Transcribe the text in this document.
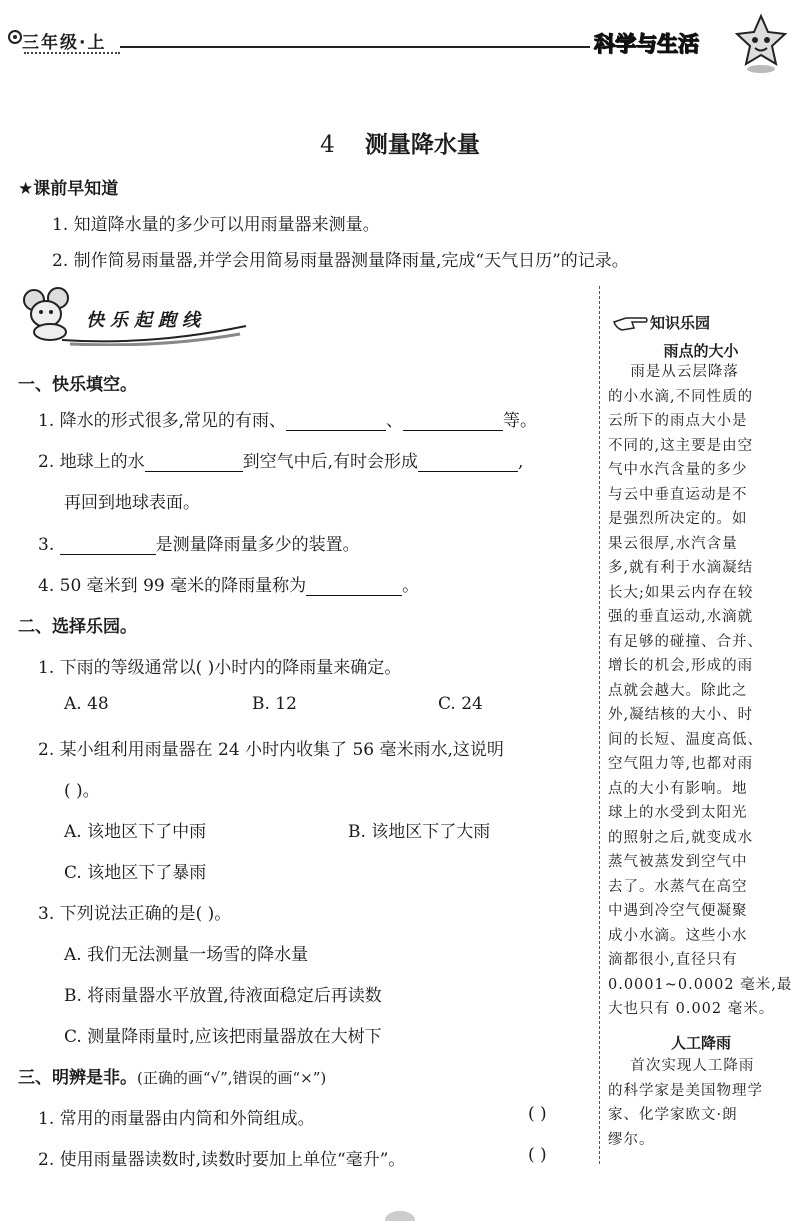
三年级·上	科学与生活
4 测量降水量
★课前早知道
1. 知道降水量的多少可以用雨量器来测量。
2. 制作简易雨量器,并学会用简易雨量器测量降雨量,完成“天气日历”的记录。
快乐起跑线	知识乐园
雨点的大小
雨是从云层降落
的小水滴,不同性质的
云所下的雨点大小是
不同的,这主要是由空
气中水汽含量的多少
与云中垂直运动是不
是强烈所决定的。如
果云很厚,水汽含量
多,就有利于水滴凝结
长大;如果云内存在较
强的垂直运动,水滴就
有足够的碰撞、合并、
增长的机会,形成的雨
点就会越大。除此之
外,凝结核的大小、时
间的长短、温度高低、
空气阻力等,也都对雨
点的大小有影响。地
球上的水受到太阳光
的照射之后,就变成水
蒸气被蒸发到空气中
去了。水蒸气在高空
中遇到冷空气便凝聚
成小水滴。这些小水
滴都很小,直径只有
0.0001~0.0002 毫米,最
大也只有 0.002 毫米。
人工降雨
首次实现人工降雨
的科学家是美国物理学
家、化学家欧文·朗
缪尔。
一、快乐填空。
1. 降水的形式很多,常见的有雨、	、	等。
2. 地球上的水	到空气中后,有时会形成	,
再回到地球表面。
3.	是测量降雨量多少的装置。
4. 50 毫米到 99 毫米的降雨量称为	。
二、选择乐园。
1. 下雨的等级通常以( )小时内的降雨量来确定。
A. 48	B. 12	C. 24
2. 某小组利用雨量器在 24 小时内收集了 56 毫米雨水,这说明
( )。
A. 该地区下了中雨	B. 该地区下了大雨
C. 该地区下了暴雨
3. 下列说法正确的是( )。
A. 我们无法测量一场雪的降水量
B. 将雨量器水平放置,待液面稳定后再读数
C. 测量降雨量时,应该把雨量器放在大树下
三、明辨是非。(正确的画“√”,错误的画“×”)
1. 常用的雨量器由内筒和外筒组成。	( )
2. 使用雨量器读数时,读数时要加上单位“毫升”。	( )
